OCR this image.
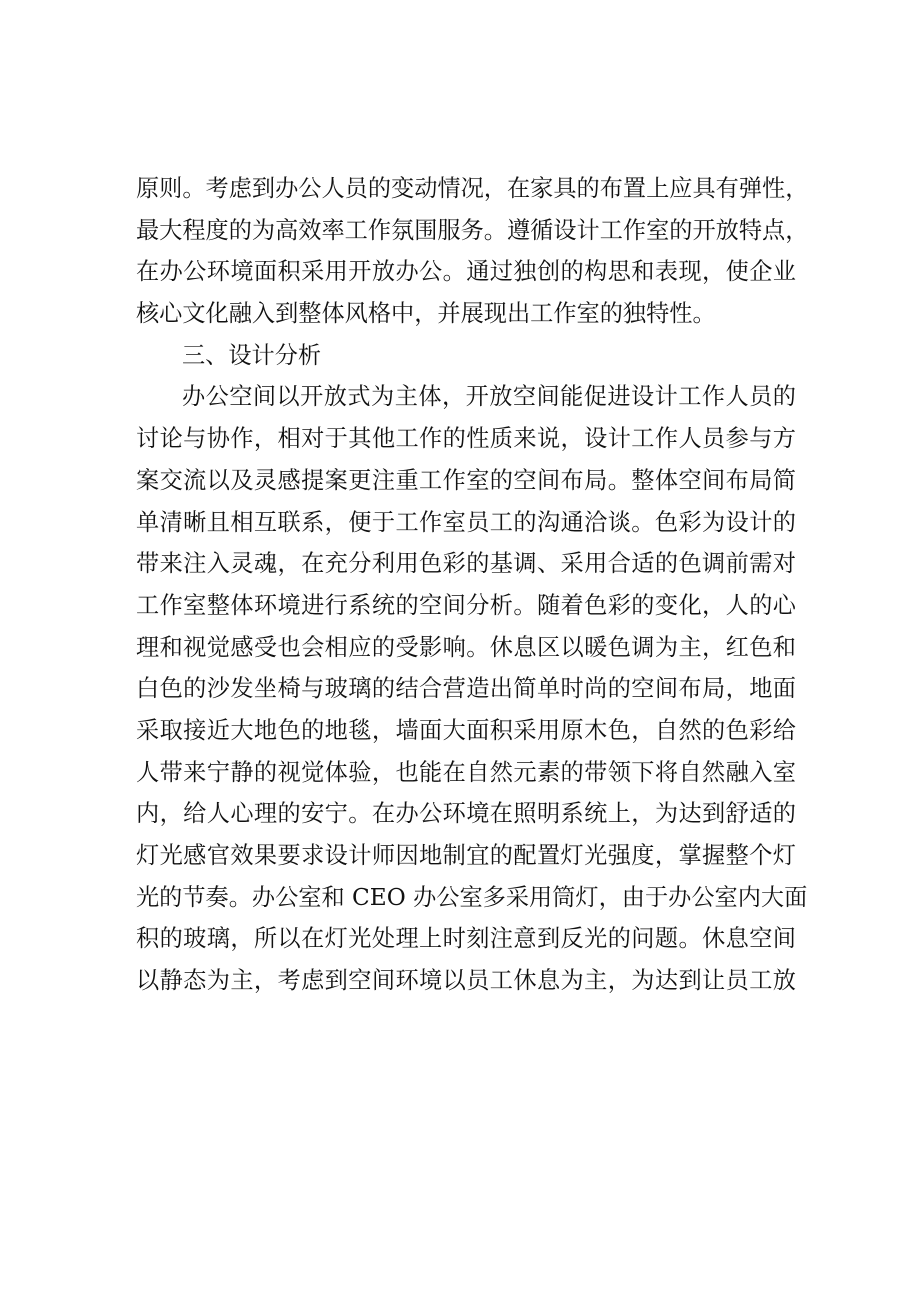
原则。考虑到办公人员的变动情况，在家具的布置上应具有弹性，
最大程度的为高效率工作氛围服务。遵循设计工作室的开放特点，
在办公环境面积采用开放办公。通过独创的构思和表现，使企业
核心文化融入到整体风格中，并展现出工作室的独特性。
三、设计分析
办公空间以开放式为主体，开放空间能促进设计工作人员的
讨论与协作，相对于其他工作的性质来说，设计工作人员参与方
案交流以及灵感提案更注重工作室的空间布局。整体空间布局简
单清晰且相互联系，便于工作室员工的沟通洽谈。色彩为设计的
带来注入灵魂，在充分利用色彩的基调、采用合适的色调前需对
工作室整体环境进行系统的空间分析。随着色彩的变化，人的心
理和视觉感受也会相应的受影响。休息区以暖色调为主，红色和
白色的沙发坐椅与玻璃的结合营造出简单时尚的空间布局，地面
采取接近大地色的地毯，墙面大面积采用原木色，自然的色彩给
人带来宁静的视觉体验，也能在自然元素的带领下将自然融入室
内，给人心理的安宁。在办公环境在照明系统上，为达到舒适的
灯光感官效果要求设计师因地制宜的配置灯光强度，掌握整个灯
光的节奏。办公室和 CEO 办公室多采用筒灯，由于办公室内大面
积的玻璃，所以在灯光处理上时刻注意到反光的问题。休息空间
以静态为主，考虑到空间环境以员工休息为主，为达到让员工放
